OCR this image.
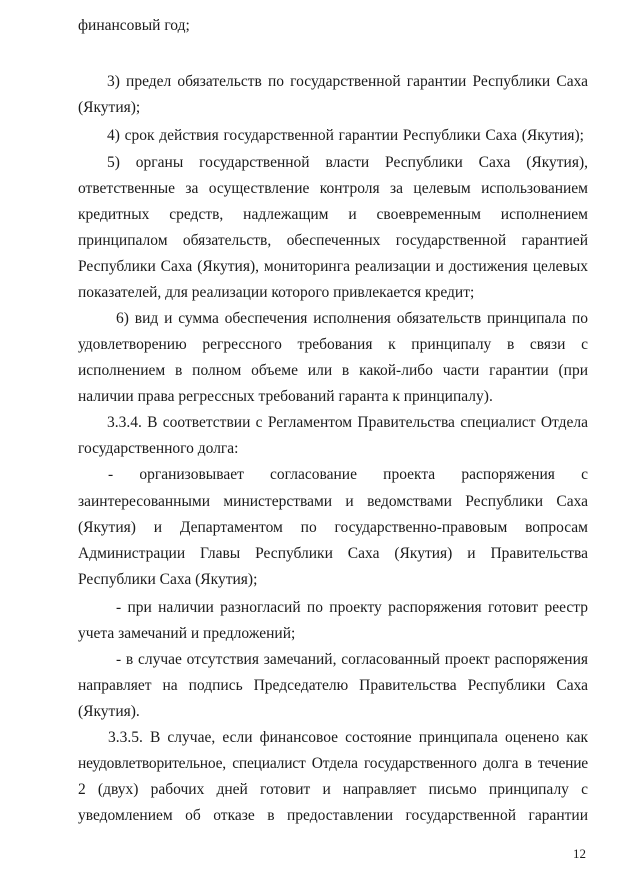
финансовый год;
3) предел обязательств по государственной гарантии Республики Саха
(Якутия);
4) срок действия государственной гарантии Республики Саха (Якутия);
5) органы государственной власти Республики Саха (Якутия),
ответственные за осуществление контроля за целевым использованием
кредитных средств, надлежащим и своевременным исполнением
принципалом обязательств, обеспеченных государственной гарантией
Республики Саха (Якутия), мониторинга реализации и достижения целевых
показателей, для реализации которого привлекается кредит;
6) вид и сумма обеспечения исполнения обязательств принципала по
удовлетворению регрессного требования к принципалу в связи с
исполнением в полном объеме или в какой-либо части гарантии (при
наличии права регрессных требований гаранта к принципалу).
3.3.4. В соответствии с Регламентом Правительства специалист Отдела
государственного долга:
- организовывает согласование проекта распоряжения с
заинтересованными министерствами и ведомствами Республики Саха
(Якутия) и Департаментом по государственно-правовым вопросам
Администрации Главы Республики Саха (Якутия) и Правительства
Республики Саха (Якутия);
- при наличии разногласий по проекту распоряжения готовит реестр
учета замечаний и предложений;
- в случае отсутствия замечаний, согласованный проект распоряжения
направляет на подпись Председателю Правительства Республики Саха
(Якутия).
3.3.5. В случае, если финансовое состояние принципала оценено как
неудовлетворительное, специалист Отдела государственного долга в течение
2 (двух) рабочих дней готовит и направляет письмо принципалу с
уведомлением об отказе в предоставлении государственной гарантии
12
